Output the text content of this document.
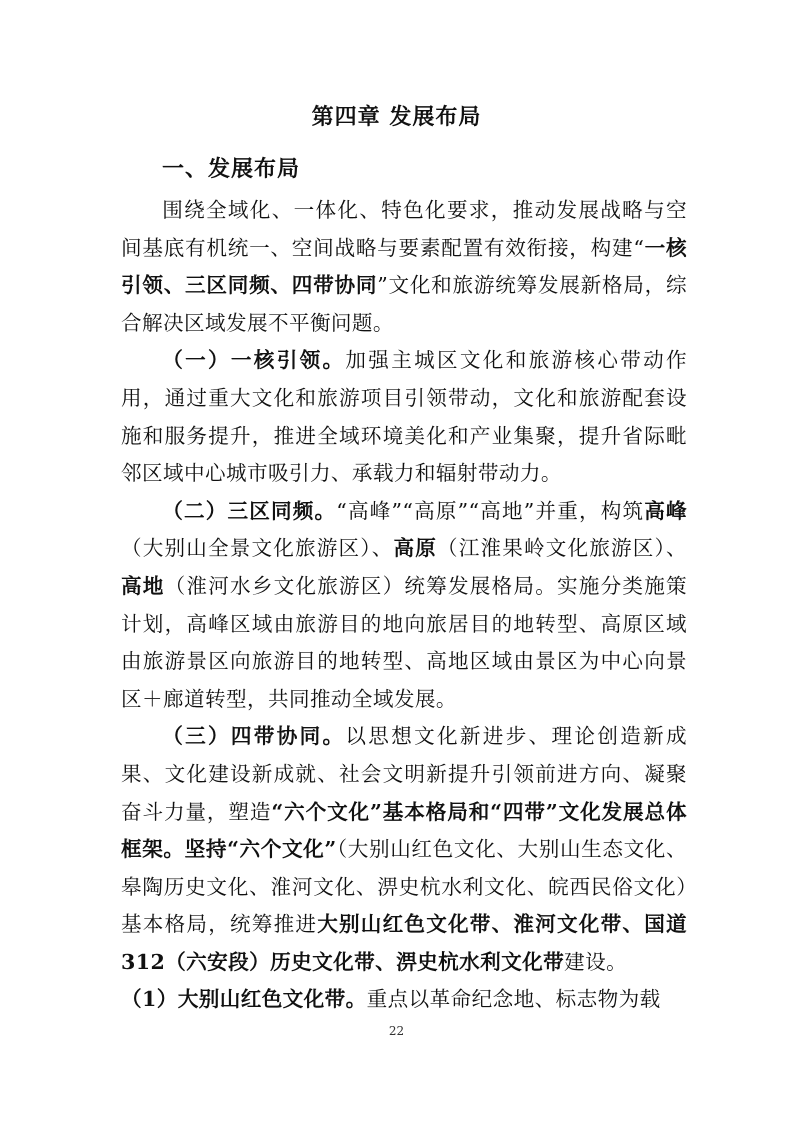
第四章 发展布局
一、发展布局

围绕全域化、一体化、特色化要求，推动发展战略与空间基底有机统一、空间战略与要素配置有效衔接，构建“一核引领、三区同频、四带协同”文化和旅游统筹发展新格局，综合解决区域发展不平衡问题。

（一）一核引领。加强主城区文化和旅游核心带动作用，通过重大文化和旅游项目引领带动，文化和旅游配套设施和服务提升，推进全域环境美化和产业集聚，提升省际毗邻区域中心城市吸引力、承载力和辐射带动力。

（二）三区同频。“高峰”“高原”“高地”并重，构筑高峰（大别山全景文化旅游区）、高原（江淮果岭文化旅游区）、高地（淮河水乡文化旅游区）统筹发展格局。实施分类施策计划，高峰区域由旅游目的地向旅居目的地转型、高原区域由旅游景区向旅游目的地转型、高地区域由景区为中心向景区＋廊道转型，共同推动全域发展。

（三）四带协同。以思想文化新进步、理论创造新成果、文化建设新成就、社会文明新提升引领前进方向、凝聚奋斗力量，塑造“六个文化”基本格局和“四带”文化发展总体框架。坚持“六个文化”（大别山红色文化、大别山生态文化、皋陶历史文化、淮河文化、淠史杭水利文化、皖西民俗文化）基本格局，统筹推进大别山红色文化带、淮河文化带、国道 312（六安段）历史文化带、淠史杭水利文化带建设。

（1）大别山红色文化带。重点以革命纪念地、标志物为载

22
